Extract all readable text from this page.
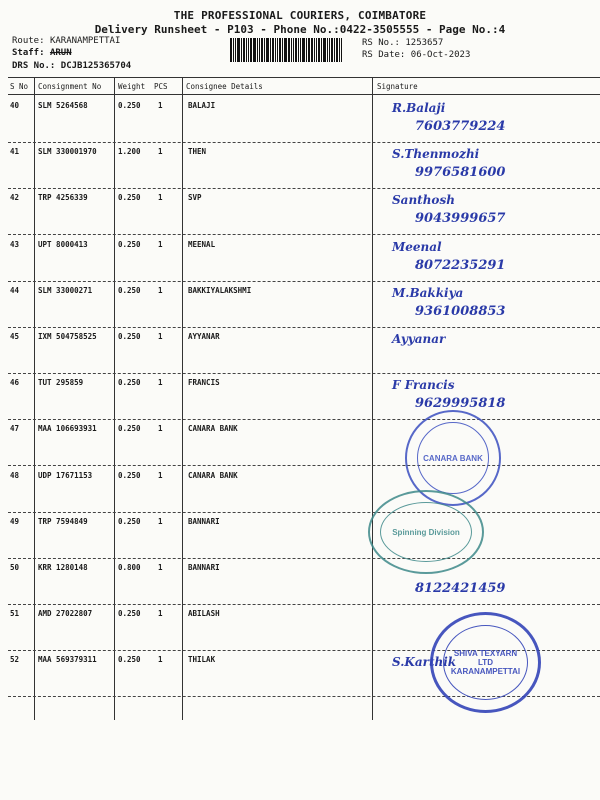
THE PROFESSIONAL COURIERS, COIMBATORE
Delivery Runsheet - P103 - Phone No.:0422-3505555 - Page No.:4
Route: KARANAMPETTAI
Staff: ARUN
DRS No.: DCJB125365704
RS No.: 1253657
RS Date: 06-Oct-2023
S No Consignment No Weight PCS Consignee Details	Signature
40	SLM 5264568	0.250 1	BALAJI	R.Balaji
7603779224
41	SLM 330001970	1.200 1	THEN	S.Thenmozhi
9976581600
42	TRP 4256339	0.250 1	SVP	Santhosh
9043999657
43	UPT 8000413	0.250 1	MEENAL	Meenal
8072235291
44	SLM 33000271	0.250 1	BAKKIYALAKSHMI	M.Bakkiya
9361008853
45	IXM 504758525	0.250 1	AYYANAR	Ayyanar
46	TUT 295859	0.250 1	FRANCIS	F Francis
9629995818
47	MAA 106693931	0.250 1	CANARA BANK
48	UDP 17671153	0.250 1	CANARA BANK
49	TRP 7594849	0.250 1	BANNARI
50	KRR 1280148	0.800 1	BANNARI
8122421459
51	AMD 27022807	0.250 1	ABILASH
52	MAA 569379311	0.250 1	THILAK	S.Karthik
CANARA BANK
Spinning Division
SHIVA TEXYARN LTD KARANAMPETTAI
